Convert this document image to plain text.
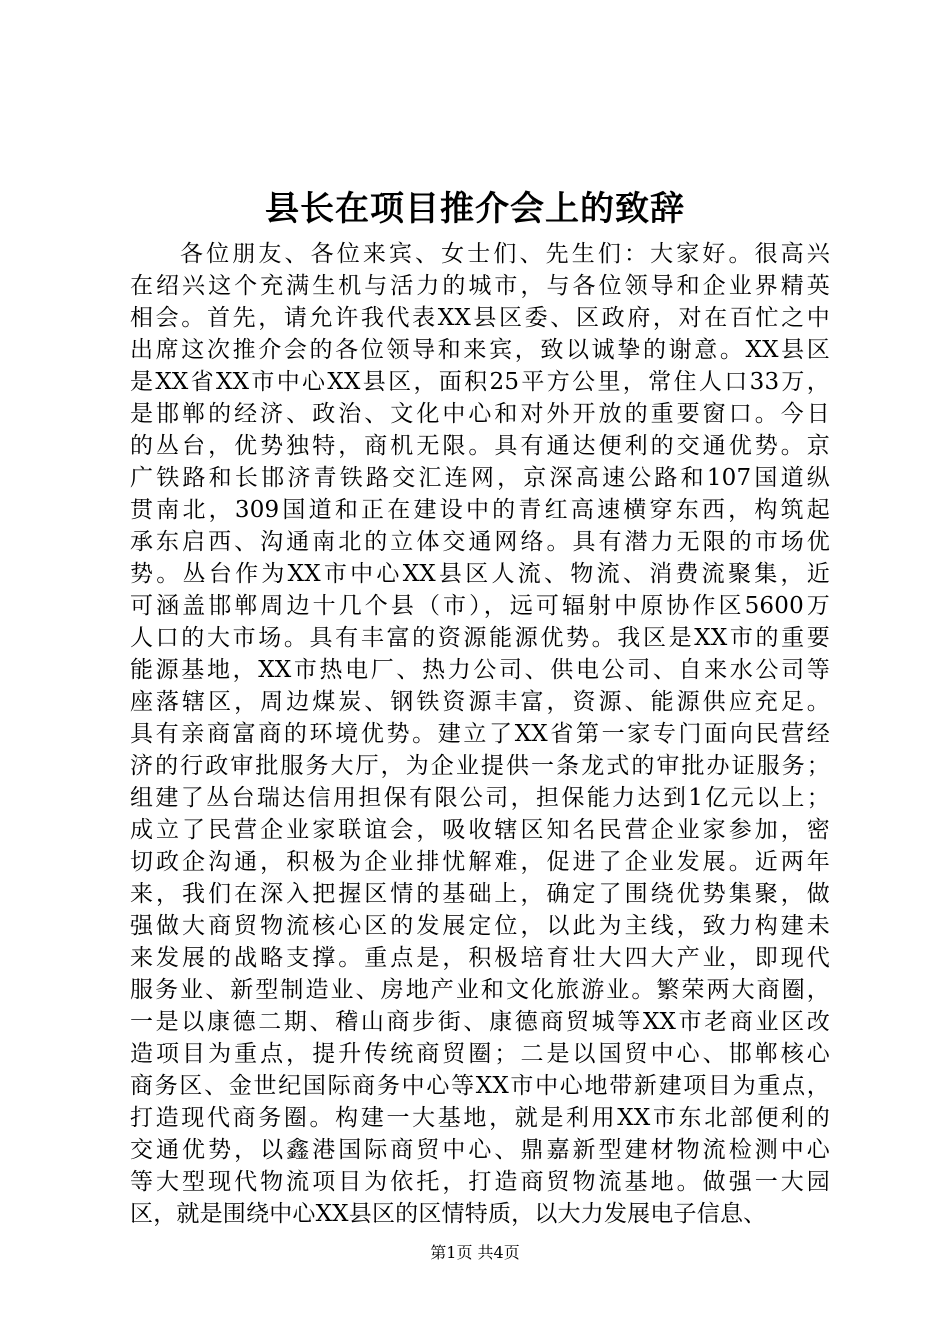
县长在项目推介会上的致辞
各位朋友、各位来宾、女士们、先生们：大家好。很高兴
在绍兴这个充满生机与活力的城市，与各位领导和企业界精英
相会。首先，请允许我代表XX县区委、区政府，对在百忙之中
出席这次推介会的各位领导和来宾，致以诚挚的谢意。XX县区
是XX省XX市中心XX县区，面积25平方公里，常住人口33万，
是邯郸的经济、政治、文化中心和对外开放的重要窗口。今日
的丛台，优势独特，商机无限。具有通达便利的交通优势。京
广铁路和长邯济青铁路交汇连网，京深高速公路和107国道纵
贯南北，309国道和正在建设中的青红高速横穿东西，构筑起
承东启西、沟通南北的立体交通网络。具有潜力无限的市场优
势。丛台作为XX市中心XX县区人流、物流、消费流聚集，近
可涵盖邯郸周边十几个县（市），远可辐射中原协作区5600万
人口的大市场。具有丰富的资源能源优势。我区是XX市的重要
能源基地，XX市热电厂、热力公司、供电公司、自来水公司等
座落辖区，周边煤炭、钢铁资源丰富，资源、能源供应充足。
具有亲商富商的环境优势。建立了XX省第一家专门面向民营经
济的行政审批服务大厅，为企业提供一条龙式的审批办证服务；
组建了丛台瑞达信用担保有限公司，担保能力达到1亿元以上；
成立了民营企业家联谊会，吸收辖区知名民营企业家参加，密
切政企沟通，积极为企业排忧解难，促进了企业发展。近两年
来，我们在深入把握区情的基础上，确定了围绕优势集聚，做
强做大商贸物流核心区的发展定位，以此为主线，致力构建未
来发展的战略支撑。重点是，积极培育壮大四大产业，即现代
服务业、新型制造业、房地产业和文化旅游业。繁荣两大商圈，
一是以康德二期、稽山商步街、康德商贸城等XX市老商业区改
造项目为重点，提升传统商贸圈；二是以国贸中心、邯郸核心
商务区、金世纪国际商务中心等XX市中心地带新建项目为重点，
打造现代商务圈。构建一大基地，就是利用XX市东北部便利的
交通优势，以鑫港国际商贸中心、鼎嘉新型建材物流检测中心
等大型现代物流项目为依托，打造商贸物流基地。做强一大园
区，就是围绕中心XX县区的区情特质，以大力发展电子信息、
第1页 共4页
